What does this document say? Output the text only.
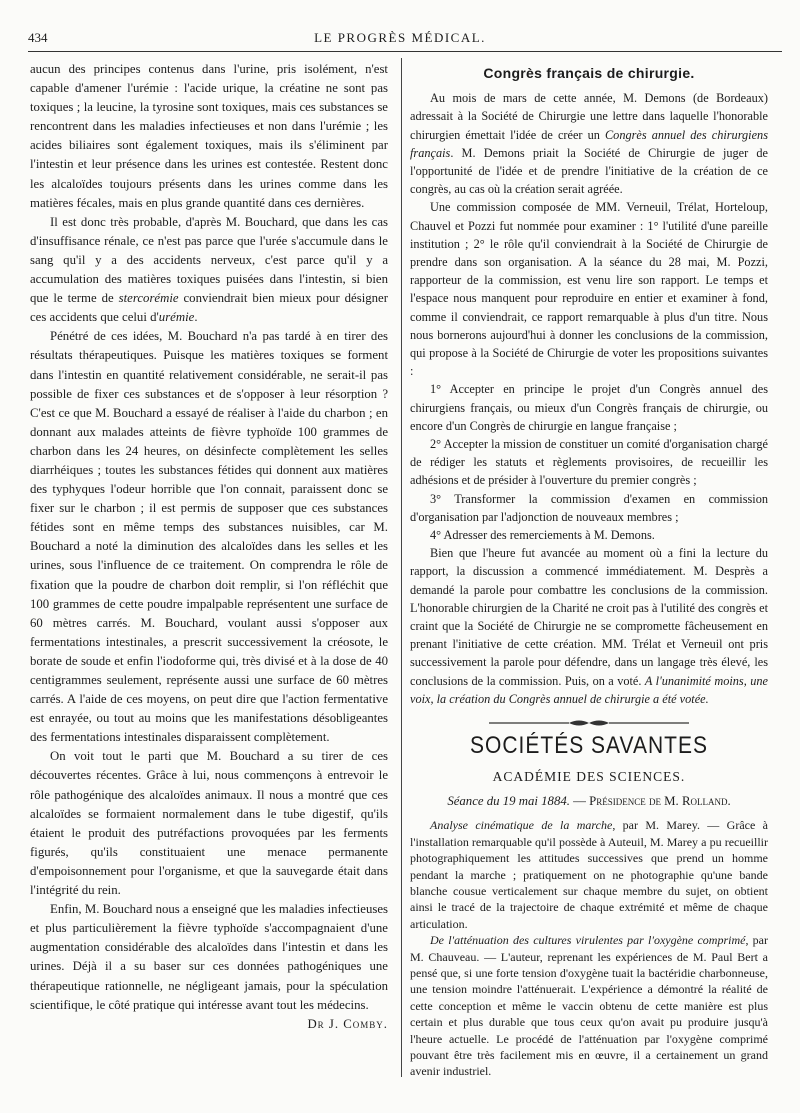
434	LE PROGRÈS MÉDICAL.

aucun des principes contenus dans l'urine, pris isolément, n'est capable d'amener l'urémie : l'acide urique, la créatine ne sont pas toxiques ; la leucine, la tyrosine sont toxiques, mais ces substances se rencontrent dans les maladies infectieuses et non dans l'urémie ; les acides biliaires sont également toxiques, mais ils s'éliminent par l'intestin et leur présence dans les urines est contestée. Restent donc les alcaloïdes toujours présents dans les urines comme dans les matières fécales, mais en plus grande quantité dans ces dernières.

Il est donc très probable, d'après M. Bouchard, que dans les cas d'insuffisance rénale, ce n'est pas parce que l'urée s'accumule dans le sang qu'il y a des accidents nerveux, c'est parce qu'il y a accumulation des matières toxiques puisées dans l'intestin, si bien que le terme de stercorémie conviendrait bien mieux pour désigner ces accidents que celui d'urémie.

Pénétré de ces idées, M. Bouchard n'a pas tardé à en tirer des résultats thérapeutiques. Puisque les matières toxiques se forment dans l'intestin en quantité relativement considérable, ne serait-il pas possible de fixer ces substances et de s'opposer à leur résorption ? C'est ce que M. Bouchard a essayé de réaliser à l'aide du charbon ; en donnant aux malades atteints de fièvre typhoïde 100 grammes de charbon dans les 24 heures, on désinfecte complètement les selles diarrhéiques ; toutes les substances fétides qui donnent aux matières des typhyques l'odeur horrible que l'on connait, paraissent donc se fixer sur le charbon ; il est permis de supposer que ces substances fétides sont en même temps des substances nuisibles, car M. Bouchard a noté la diminution des alcaloïdes dans les selles et les urines, sous l'influence de ce traitement. On comprendra le rôle de fixation que la poudre de charbon doit remplir, si l'on réfléchit que 100 grammes de cette poudre impalpable représentent une surface de 60 mètres carrés. M. Bouchard, voulant aussi s'opposer aux fermentations intestinales, a prescrit successivement la créosote, le borate de soude et enfin l'iodoforme qui, très divisé et à la dose de 40 centigrammes seulement, représente aussi une surface de 60 mètres carrés. A l'aide de ces moyens, on peut dire que l'action fermentative est enrayée, ou tout au moins que les manifestations désobligeantes des fermentations intestinales disparaissent complètement.

On voit tout le parti que M. Bouchard a su tirer de ces découvertes récentes. Grâce à lui, nous commençons à entrevoir le rôle pathogénique des alcaloïdes animaux. Il nous a montré que ces alcaloïdes se formaient normalement dans le tube digestif, qu'ils étaient le produit des putréfactions provoquées par les ferments figurés, qu'ils constituaient une menace permanente d'empoisonnement pour l'organisme, et que la sauvegarde était dans l'intégrité du rein.

Enfin, M. Bouchard nous a enseigné que les maladies infectieuses et plus particulièrement la fièvre typhoïde s'accompagnaient d'une augmentation considérable des alcaloïdes dans l'intestin et dans les urines. Déjà il a su baser sur ces données pathogéniques une thérapeutique rationnelle, ne négligeant jamais, pour la spéculation scientifique, le côté pratique qui intéresse avant tout les médecins.

Dr J. Comby.
Congrès français de chirurgie.

Au mois de mars de cette année, M. Demons (de Bordeaux) adressait à la Société de Chirurgie une lettre dans laquelle l'honorable chirurgien émettait l'idée de créer un Congrès annuel des chirurgiens français. M. Demons priait la Société de Chirurgie de juger de l'opportunité de l'idée et de prendre l'initiative de la création de ce congrès, au cas où la création serait agréée.

Une commission composée de MM. Verneuil, Trélat, Horteloup, Chauvel et Pozzi fut nommée pour examiner : 1° l'utilité d'une pareille institution ; 2° le rôle qu'il conviendrait à la Société de Chirurgie de prendre dans son organisation. A la séance du 28 mai, M. Pozzi, rapporteur de la commission, est venu lire son rapport. Le temps et l'espace nous manquent pour reproduire en entier et examiner à fond, comme il conviendrait, ce rapport remarquable à plus d'un titre. Nous nous bornerons aujourd'hui à donner les conclusions de la commission, qui propose à la Société de Chirurgie de voter les propositions suivantes :

1° Accepter en principe le projet d'un Congrès annuel des chirurgiens français, ou mieux d'un Congrès français de chirurgie, ou encore d'un Congrès de chirurgie en langue française ;

2° Accepter la mission de constituer un comité d'organisation chargé de rédiger les statuts et règlements provisoires, de recueillir les adhésions et de présider à l'ouverture du premier congrès ;

3° Transformer la commission d'examen en commission d'organisation par l'adjonction de nouveaux membres ;

4° Adresser des remerciements à M. Demons.

Bien que l'heure fut avancée au moment où a fini la lecture du rapport, la discussion a commencé immédiatement. M. Desprès a demandé la parole pour combattre les conclusions de la commission. L'honorable chirurgien de la Charité ne croit pas à l'utilité des congrès et craint que la Société de Chirurgie ne se compromette fâcheusement en prenant l'initiative de cette création. MM. Trélat et Verneuil ont pris successivement la parole pour défendre, dans un langage très élevé, les conclusions de la commission. Puis, on a voté. A l'unanimité moins, une voix, la création du Congrès annuel de chirurgie a été votée.

SOCIÉTÉS SAVANTES
ACADÉMIE DES SCIENCES.
Séance du 19 mai 1884. — Présidence de M. Rolland.

Analyse cinématique de la marche, par M. Marey. — Grâce à l'installation remarquable qu'il possède à Auteuil, M. Marey a pu recueillir photographiquement les attitudes successives que prend un homme pendant la marche ; pratiquement on ne photographie qu'une bande blanche cousue verticalement sur chaque membre du sujet, on obtient ainsi le tracé de la trajectoire de chaque extrémité et même de chaque articulation.

De l'atténuation des cultures virulentes par l'oxygène comprimé, par M. Chauveau. — L'auteur, reprenant les expériences de M. Paul Bert a pensé que, si une forte tension d'oxygène tuait la bactéridie charbonneuse, une tension moindre l'atténuerait. L'expérience a démontré la réalité de cette conception et même le vaccin obtenu de cette manière est plus certain et plus durable que tous ceux qu'on avait pu produire jusqu'à l'heure actuelle. Le procédé de l'atténuation par l'oxygène comprimé pouvant être très facilement mis en œuvre, il a certainement un grand avenir industriel.
